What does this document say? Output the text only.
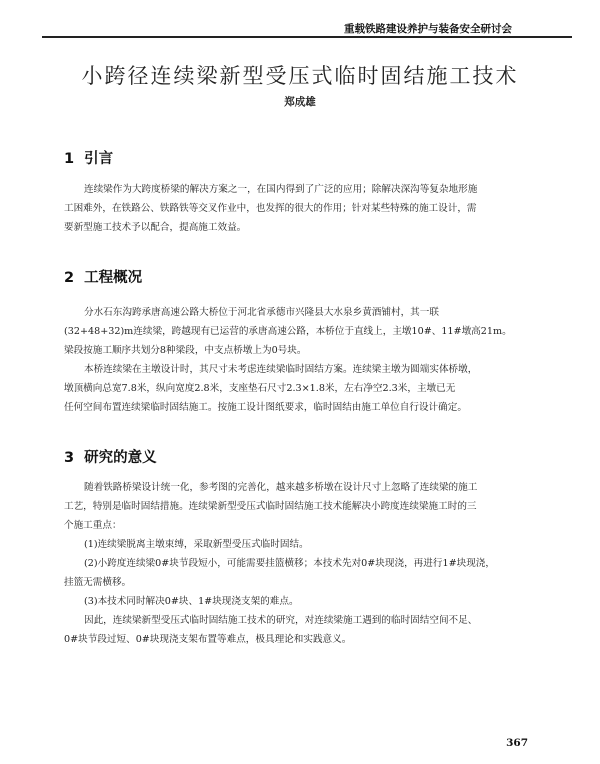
重载铁路建设养护与装备安全研讨会
小跨径连续梁新型受压式临时固结施工技术
郑成雄
1 引言
连续梁作为大跨度桥梁的解决方案之一，在国内得到了广泛的应用；除解决深沟等复杂地形施
工困难外，在铁路公、铁路铁等交叉作业中，也发挥的很大的作用；针对某些特殊的施工设计，需
要新型施工技术予以配合，提高施工效益。
2 工程概况
分水石东沟跨承唐高速公路大桥位于河北省承德市兴隆县大水泉乡黄酒铺村，其一联
(32+48+32)m连续梁，跨越现有已运营的承唐高速公路，本桥位于直线上，主墩10#、11#墩高21m。
梁段按施工顺序共划分8种梁段，中支点桥墩上为0号块。
本桥连续梁在主墩设计时，其尺寸未考虑连续梁临时固结方案。连续梁主墩为圆端实体桥墩，
墩顶横向总宽7.8米，纵向宽度2.8米，支座垫石尺寸2.3×1.8米，左右净空2.3米，主墩已无
任何空间布置连续梁临时固结施工。按施工设计图纸要求，临时固结由施工单位自行设计确定。
3 研究的意义
随着铁路桥梁设计统一化，参考图的完善化，越来越多桥墩在设计尺寸上忽略了连续梁的施工
工艺，特别是临时固结措施。连续梁新型受压式临时固结施工技术能解决小跨度连续梁施工时的三
个施工重点：
(1)连续梁脱离主墩束缚，采取新型受压式临时固结。
(2)小跨度连续梁0#块节段短小，可能需要挂篮横移；本技术先对0#块现浇，再进行1#块现浇，
挂篮无需横移。
(3)本技术同时解决0#块、1#块现浇支架的难点。
因此，连续梁新型受压式临时固结施工技术的研究，对连续梁施工遇到的临时固结空间不足、
0#块节段过短、0#块现浇支架布置等难点，极具理论和实践意义。
367
